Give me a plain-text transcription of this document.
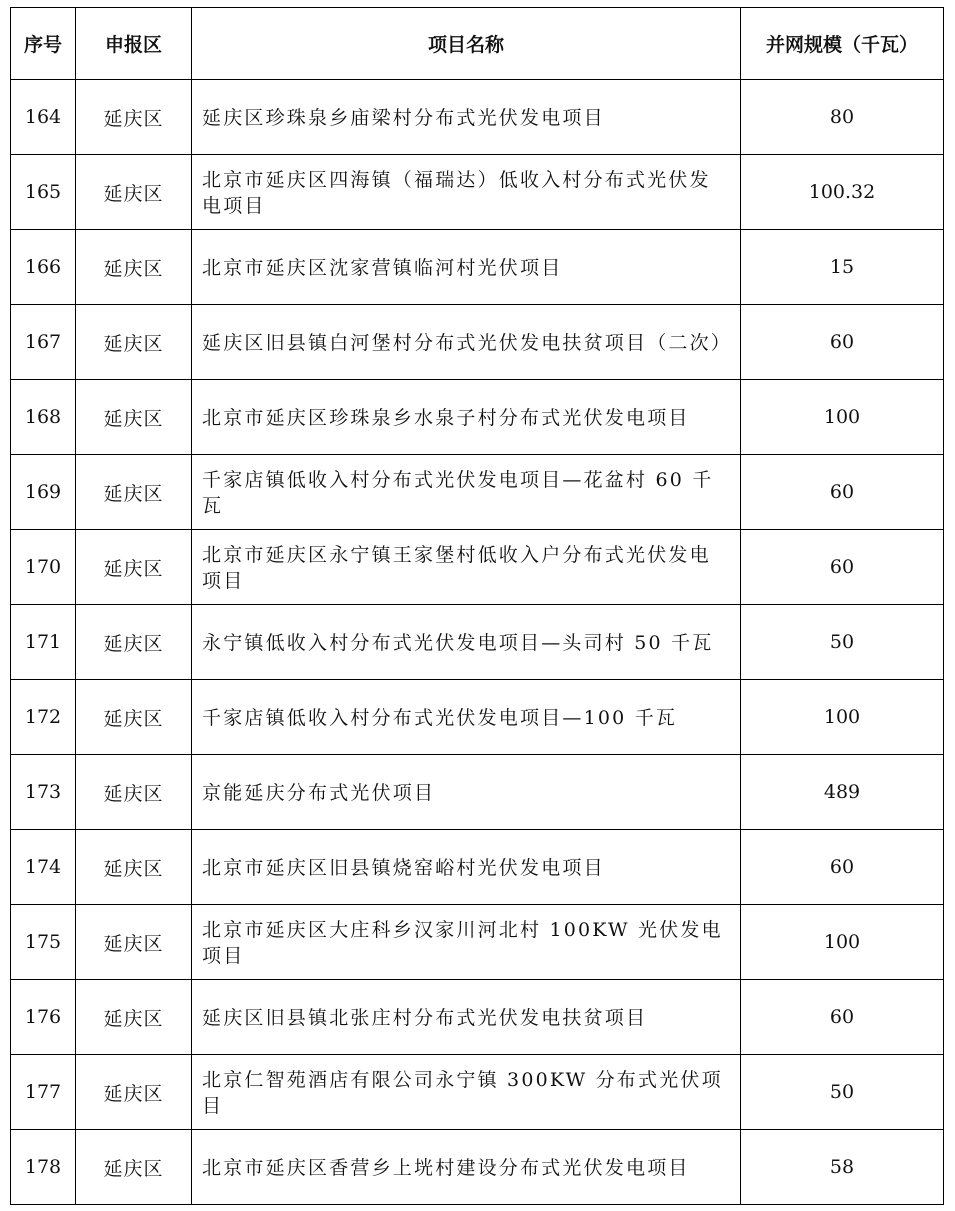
序号	申报区	项目名称	并网规模（千瓦）
164	延庆区	延庆区珍珠泉乡庙梁村分布式光伏发电项目	80
165	延庆区	北京市延庆区四海镇（福瑞达）低收入村分布式光伏发电项目	100.32
166	延庆区	北京市延庆区沈家营镇临河村光伏项目	15
167	延庆区	延庆区旧县镇白河堡村分布式光伏发电扶贫项目（二次）	60
168	延庆区	北京市延庆区珍珠泉乡水泉子村分布式光伏发电项目	100
169	延庆区	千家店镇低收入村分布式光伏发电项目—花盆村 60 千瓦	60
170	延庆区	北京市延庆区永宁镇王家堡村低收入户分布式光伏发电项目	60
171	延庆区	永宁镇低收入村分布式光伏发电项目—头司村 50 千瓦	50
172	延庆区	千家店镇低收入村分布式光伏发电项目—100 千瓦	100
173	延庆区	京能延庆分布式光伏项目	489
174	延庆区	北京市延庆区旧县镇烧窑峪村光伏发电项目	60
175	延庆区	北京市延庆区大庄科乡汉家川河北村 100KW 光伏发电项目	100
176	延庆区	延庆区旧县镇北张庄村分布式光伏发电扶贫项目	60
177	延庆区	北京仁智苑酒店有限公司永宁镇 300KW 分布式光伏项目	50
178	延庆区	北京市延庆区香营乡上垙村建设分布式光伏发电项目	58
